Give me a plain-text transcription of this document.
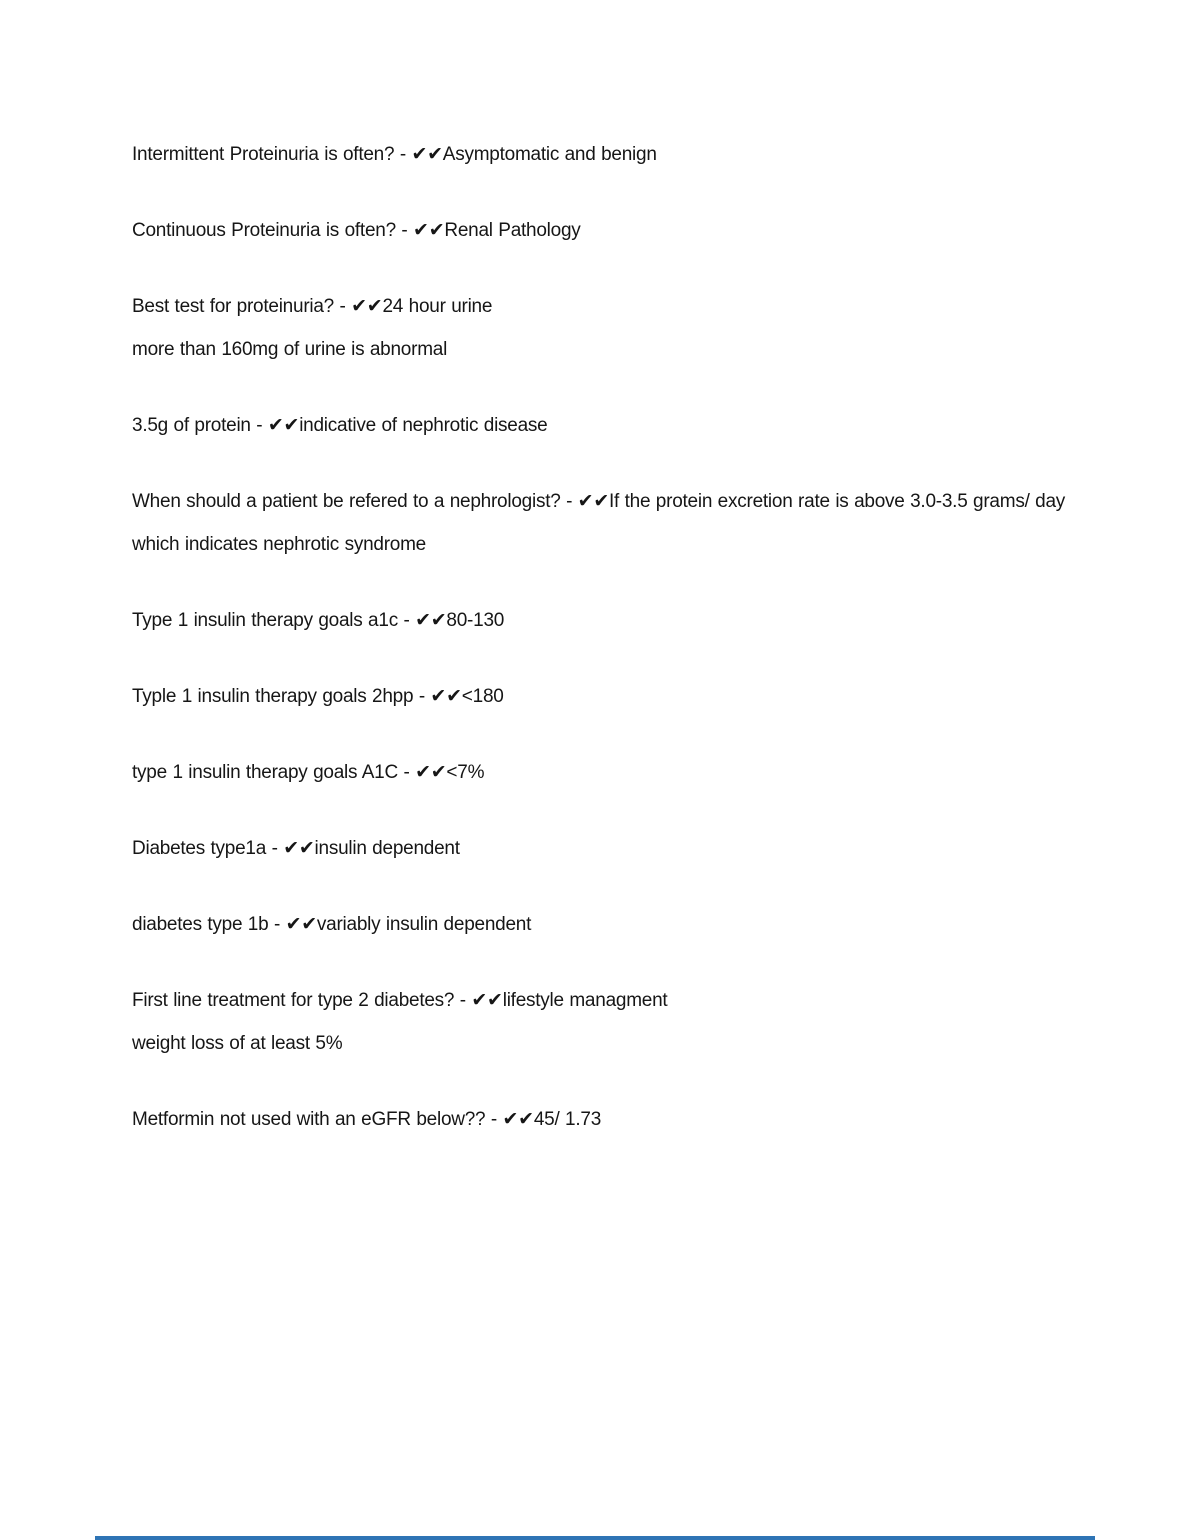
Intermittent Proteinuria is often? - ✔✔Asymptomatic and benign

Continuous Proteinuria is often? - ✔✔Renal Pathology

Best test for proteinuria? - ✔✔24 hour urine

more than 160mg of urine is abnormal

3.5g of protein - ✔✔indicative of nephrotic disease

When should a patient be refered to a nephrologist? - ✔✔If the protein excretion rate is above 3.0-3.5 grams/ day

which indicates nephrotic syndrome

Type 1 insulin therapy goals a1c - ✔✔80-130

Typle 1 insulin therapy goals 2hpp - ✔✔<180

type 1 insulin therapy goals A1C - ✔✔<7%

Diabetes type1a - ✔✔insulin dependent

diabetes type 1b - ✔✔variably insulin dependent

First line treatment for type 2 diabetes? - ✔✔lifestyle managment

weight loss of at least 5%

Metformin not used with an eGFR below?? - ✔✔45/ 1.73
